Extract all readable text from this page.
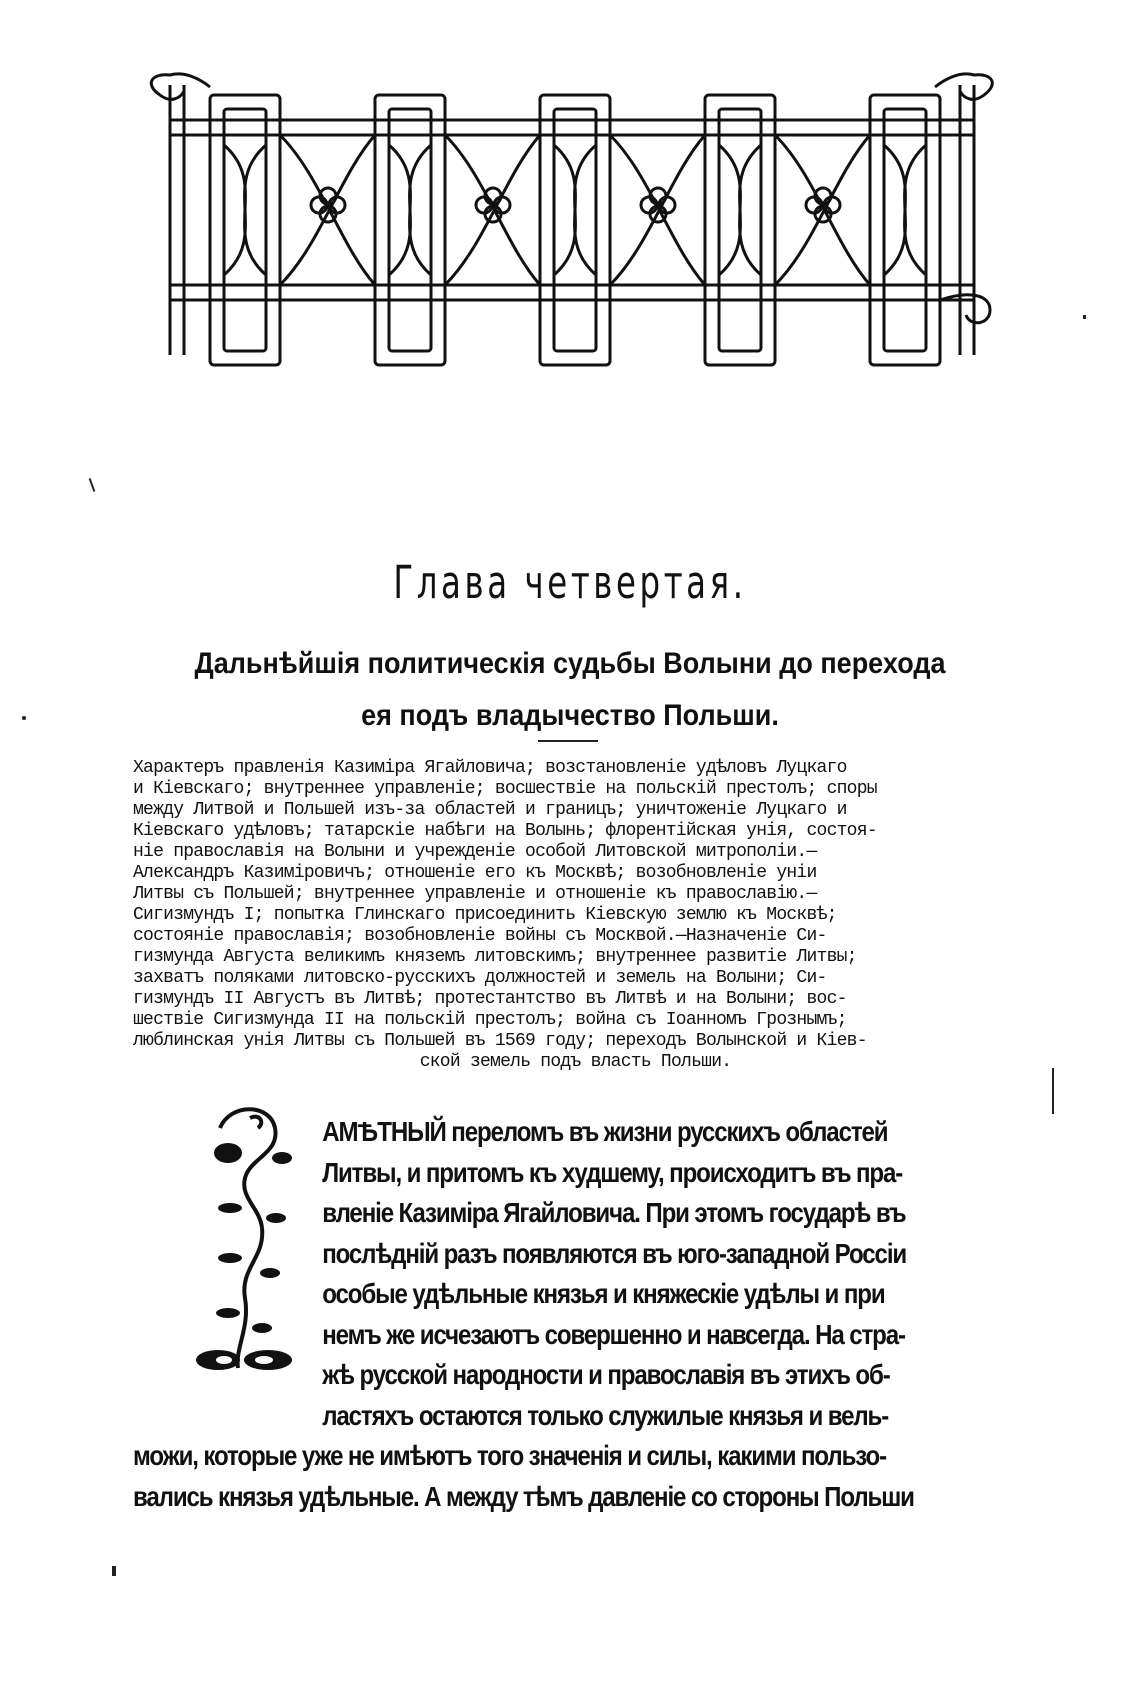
Глава четвертая.
Дальнѣйшія политическія судьбы Волыни до перехода
ея подъ владычество Польши.
Характеръ правленія Казиміра Ягайловича; возстановленіе удѣловъ Луцкаго
и Кіевскаго; внутреннее управленіе; восшествіе на польскій престолъ; споры
между Литвой и Польшей изъ-за областей и границъ; уничтоженіе Луцкаго и
Кіевскаго удѣловъ; татарскіе набѣги на Волынь; флорентійская унія, состоя-
ніе православія на Волыни и учрежденіе особой Литовской митрополіи.—
Александръ Казиміровичъ; отношеніе его къ Москвѣ; возобновленіе уніи
Литвы съ Польшей; внутреннее управленіе и отношеніе къ православію.—
Сигизмундъ I; попытка Глинскаго присоединить Кіевскую землю къ Москвѣ;
состояніе православія; возобновленіе войны съ Москвой.—Назначеніе Си-
гизмунда Августа великимъ княземъ литовскимъ; внутреннее развитіе Литвы;
захватъ поляками литовско-русскихъ должностей и земель на Волыни; Си-
гизмундъ II Августъ въ Литвѣ; протестантство въ Литвѣ и на Волыни; вос-
шествіе Сигизмунда II на польскій престолъ; война съ Іоанномъ Грознымъ;
люблинская унія Литвы съ Польшей въ 1569 году; переходъ Волынской и Кіев-
ской земель подъ власть Польши.
АМѢТНЫЙ переломъ въ жизни русскихъ областей
Литвы, и притомъ къ худшему, происходитъ въ пра-
вленіе Казиміра Ягайловича. При этомъ государѣ въ
послѣдній разъ появляются въ юго-западной Россіи
особые удѣльные князья и княжескіе удѣлы и при
немъ же исчезаютъ совершенно и навсегда. На стра-
жѣ русской народности и православія въ этихъ об-
ластяхъ остаются только служилые князья и вель-
можи, которые уже не имѣютъ того значенія и силы, какими пользо-
вались князья удѣльные. А между тѣмъ давленіе со стороны Польши
